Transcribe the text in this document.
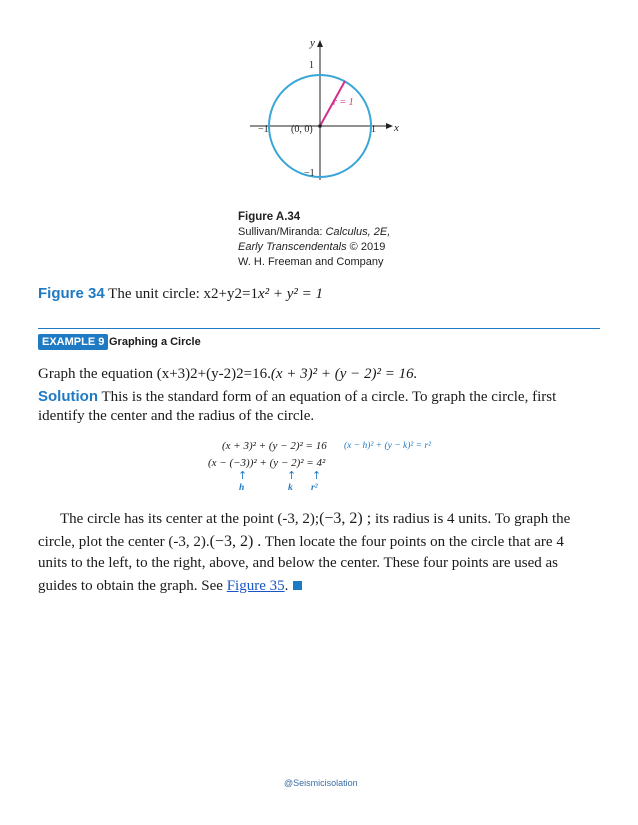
y
x
1
−1
−1	1
(0, 0)
r = 1
Figure A.34
Sullivan/Miranda: Calculus, 2E,
Early Transcendentals © 2019
W. H. Freeman and Company
Figure 34 The unit circle: x2+y2=1x² + y² = 1
EXAMPLE 9 Graphing a Circle
Graph the equation (x+3)2+(y-2)2=16.(x + 3)² + (y − 2)² = 16.
Solution This is the standard form of an equation of a circle. To graph the circle, first
identify the center and the radius of the circle.
(x + 3)² + (y − 2)² = 16 (x − h)² + (y − k)² = r²
(x − (−3))² + (y − 2)² = 4²
↑	↑ ↑
h	k r²
The circle has its center at the point (-3, 2);(−3, 2) ; its radius is 4 units. To graph the
circle, plot the center (-3, 2).(−3, 2) . Then locate the four points on the circle that are 4
units to the left, to the right, above, and below the center. These four points are used as
guides to obtain the graph. See Figure 35.
@Seismicisolation
